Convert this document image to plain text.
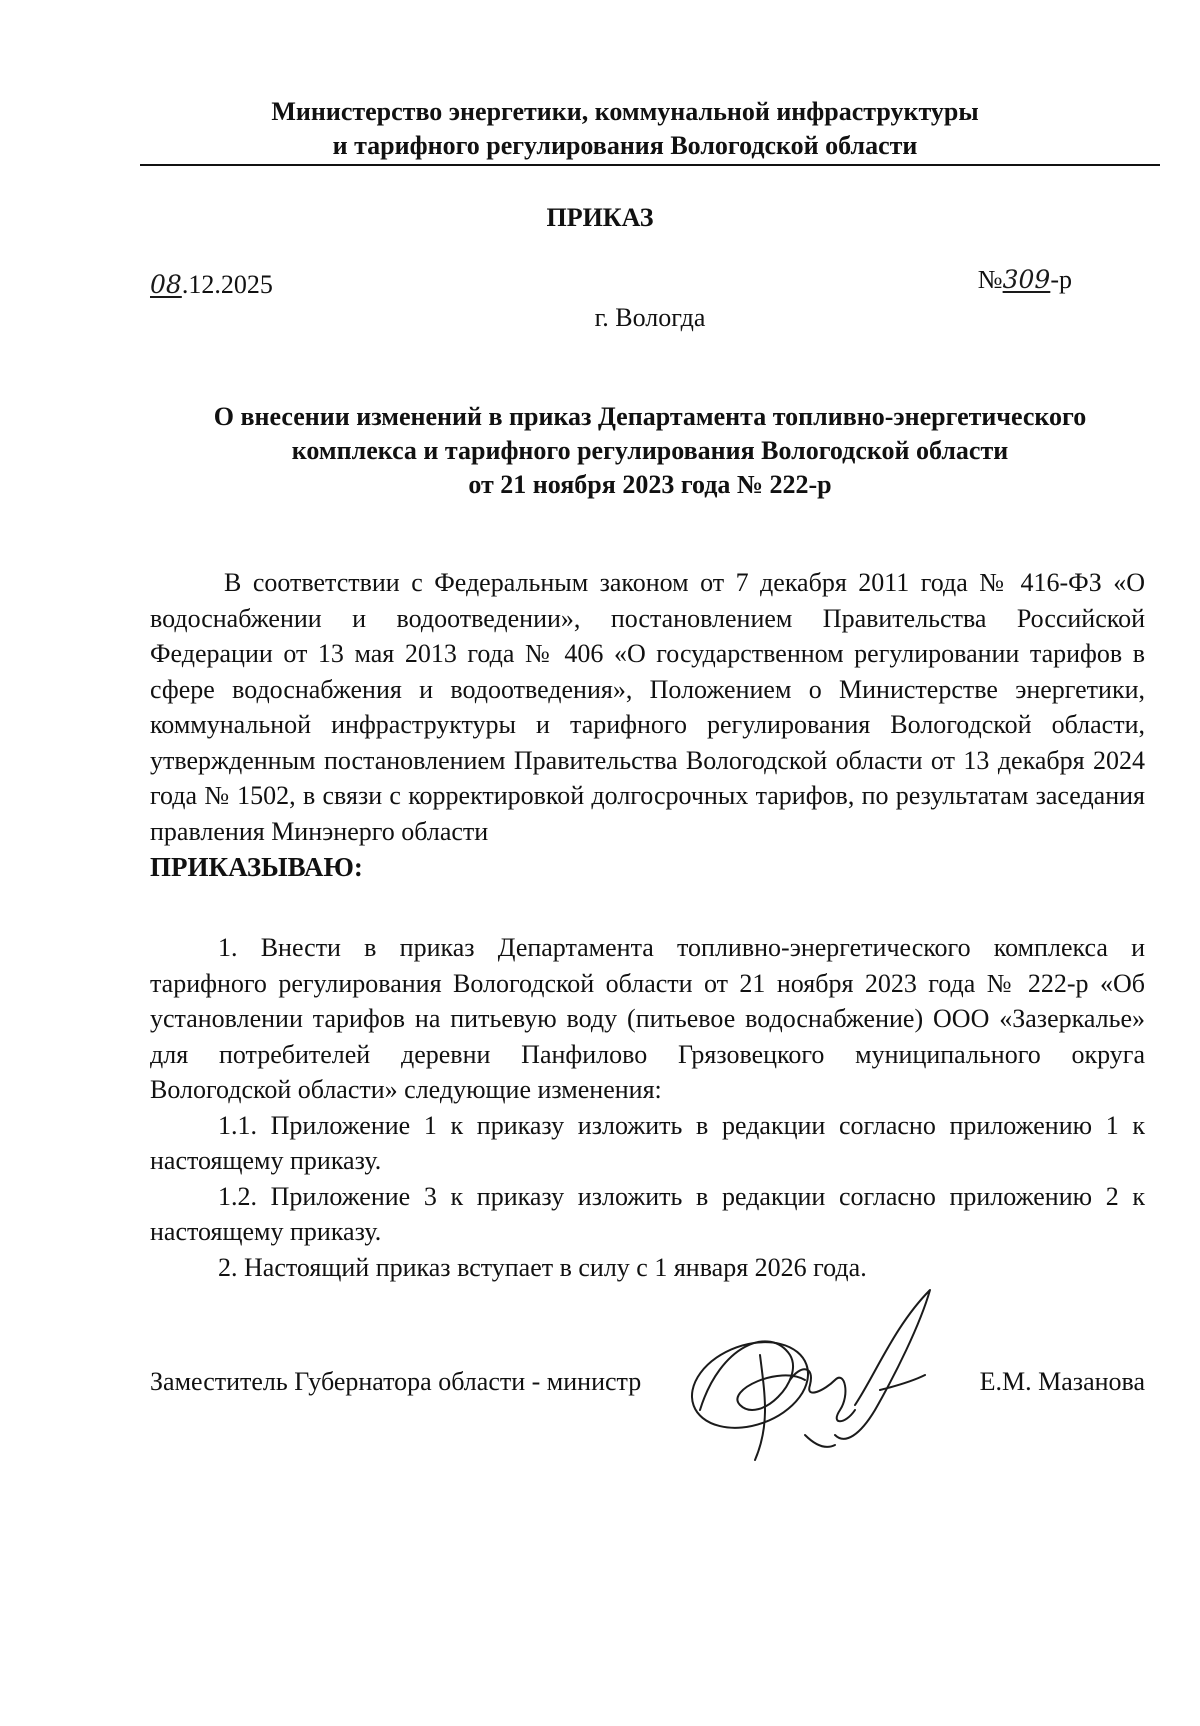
Министерство энергетики, коммунальной инфраструктуры
и тарифного регулирования Вологодской области
ПРИКАЗ
08.12.2025	№309-р
г. Вологда
О внесении изменений в приказ Департамента топливно-энергетического
комплекса и тарифного регулирования Вологодской области
от 21 ноября 2023 года № 222-р

В соответствии с Федеральным законом от 7 декабря 2011 года № 416-ФЗ «О водоснабжении и водоотведении», постановлением Правительства Российской Федерации от 13 мая 2013 года № 406 «О государственном регулировании тарифов в сфере водоснабжения и водоотведения», Положением о Министерстве энергетики, коммунальной инфраструктуры и тарифного регулирования Вологодской области, утвержденным постановлением Правительства Вологодской области от 13 декабря 2024 года № 1502, в связи с корректировкой долгосрочных тарифов, по результатам заседания правления Минэнерго области

ПРИКАЗЫВАЮ:

1. Внести в приказ Департамента топливно-энергетического комплекса и тарифного регулирования Вологодской области от 21 ноября 2023 года № 222-р «Об установлении тарифов на питьевую воду (питьевое водоснабжение) ООО «Зазеркалье» для потребителей деревни Панфилово Грязовецкого муниципального округа Вологодской области» следующие изменения:

1.1. Приложение 1 к приказу изложить в редакции согласно приложению 1 к настоящему приказу.

1.2. Приложение 3 к приказу изложить в редакции согласно приложению 2 к настоящему приказу.

2. Настоящий приказ вступает в силу с 1 января 2026 года.

Заместитель Губернатора области - министр	Е.М. Мазанова
